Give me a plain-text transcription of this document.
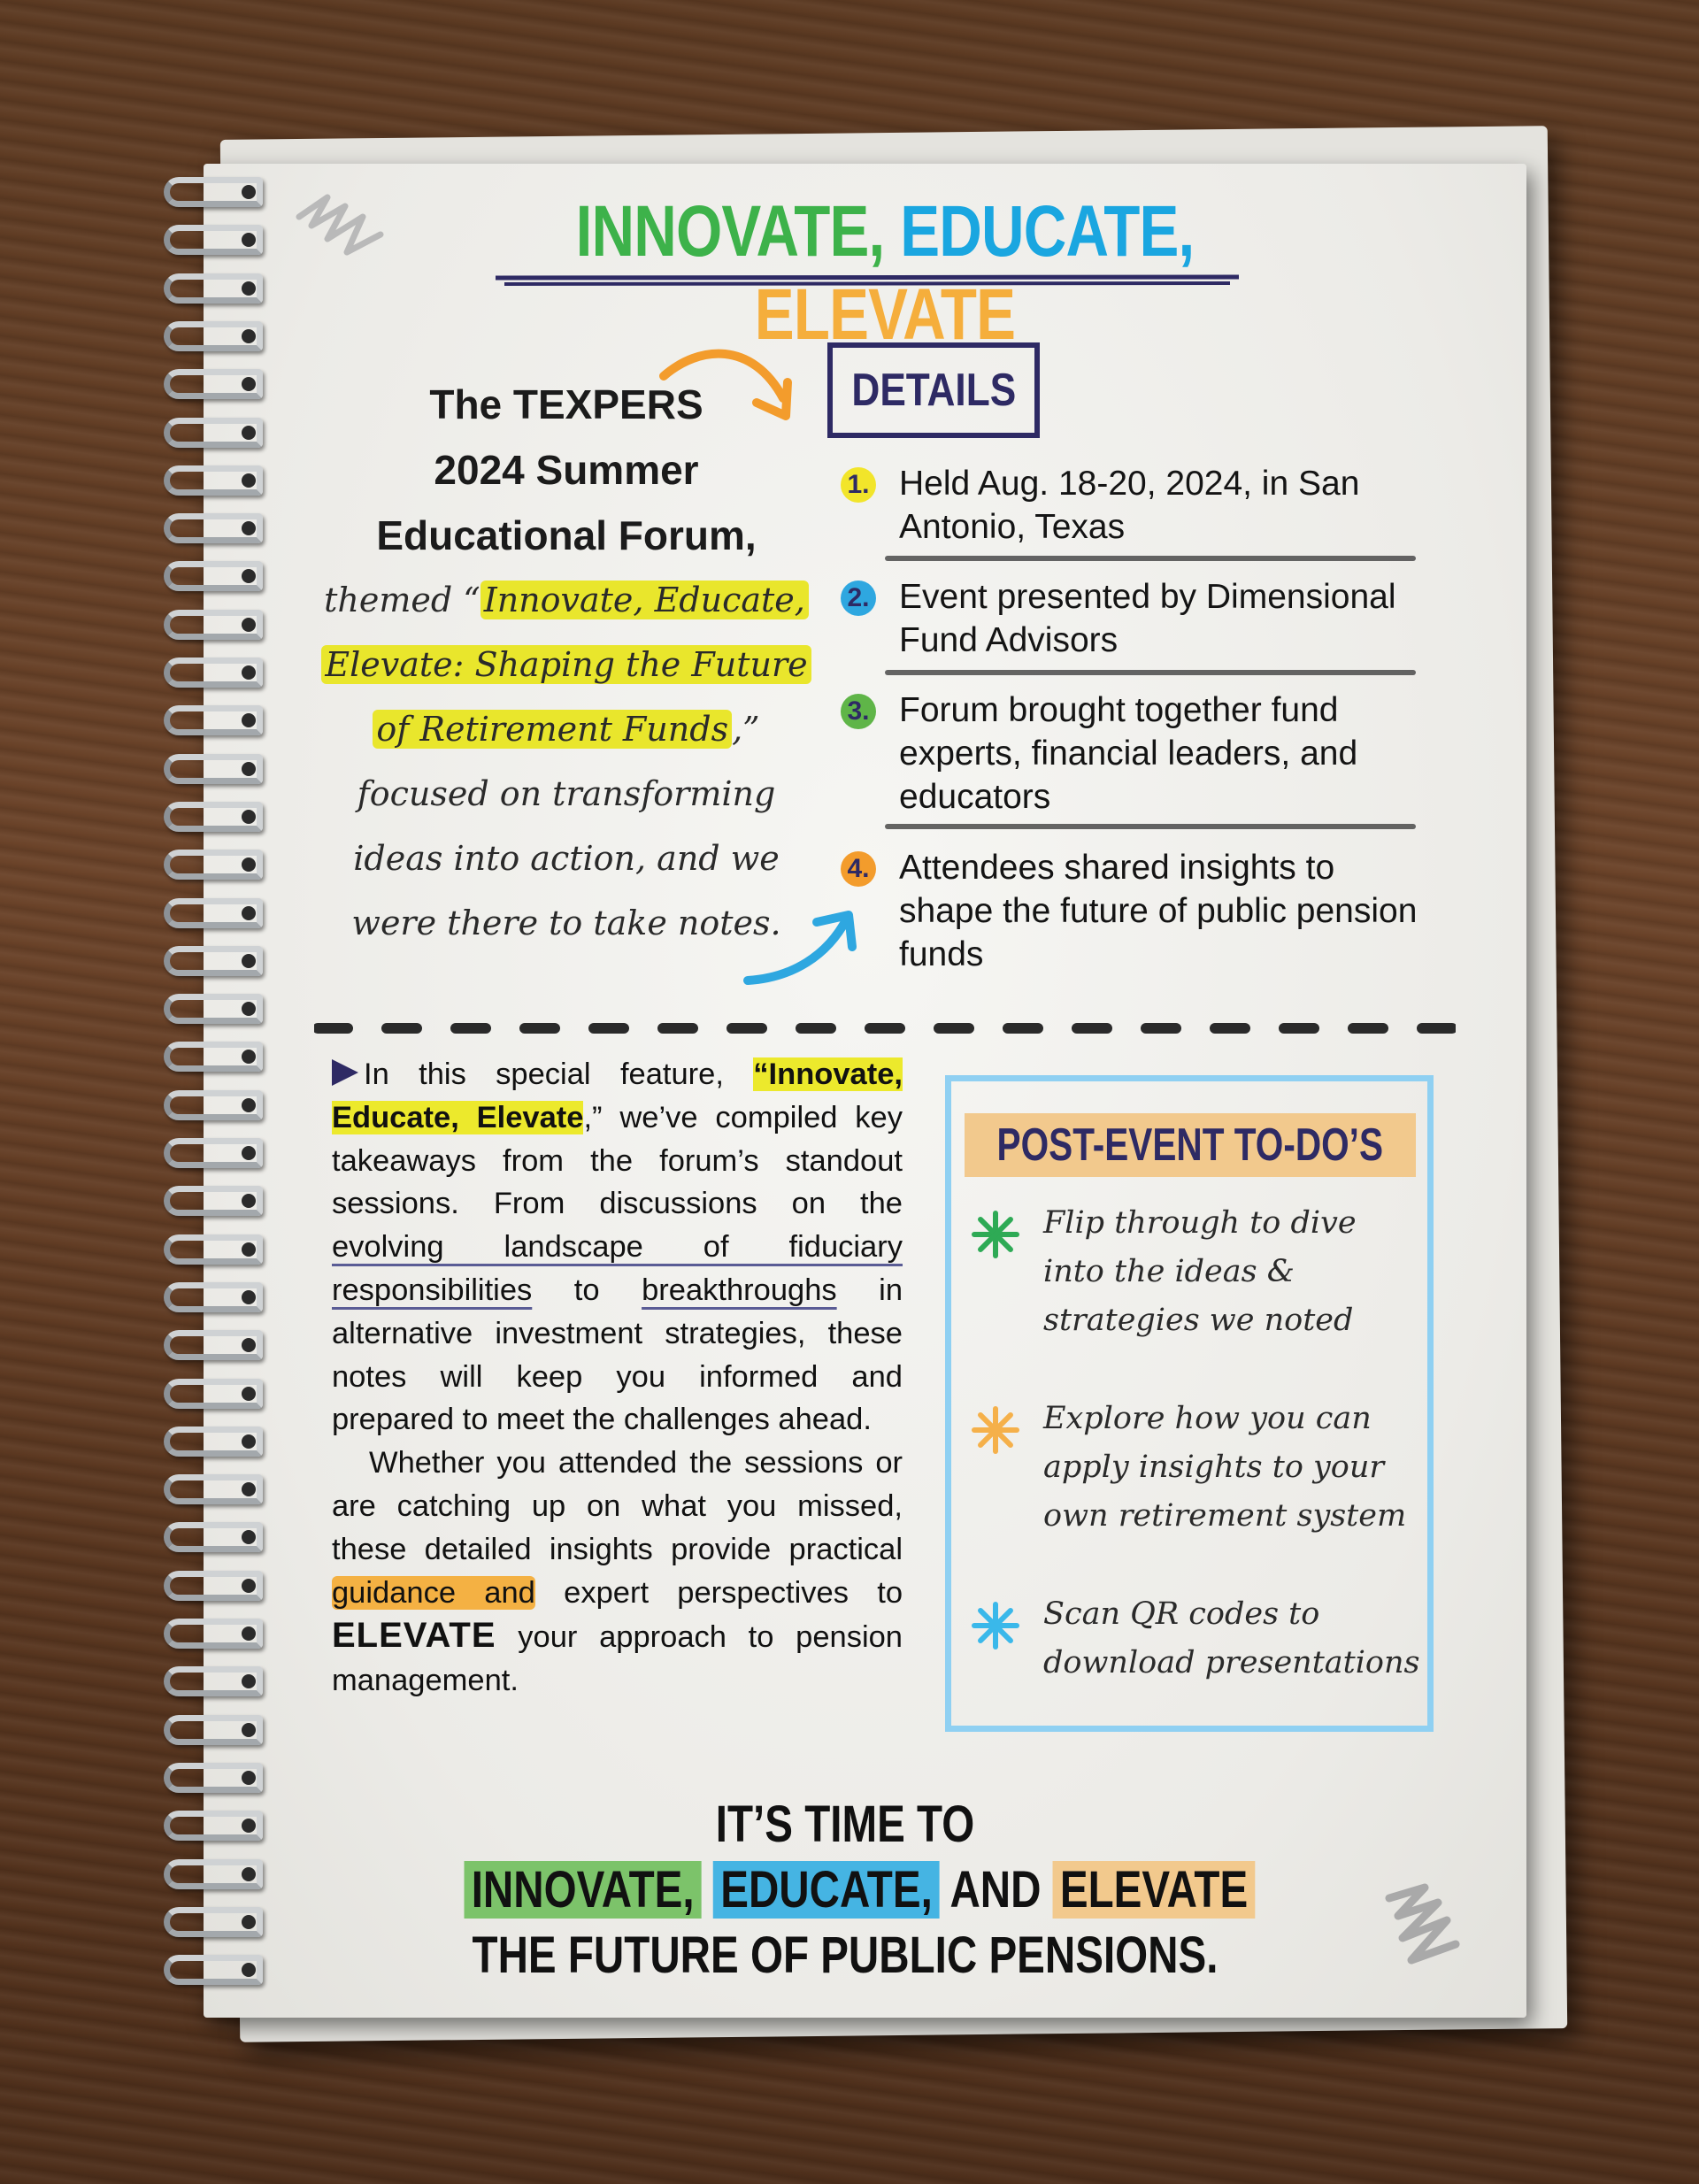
INNOVATE, EDUCATE, ELEVATE
The TEXPERS
2024 Summer
Educational Forum,
themed “ Innovate, Educate,
Elevate: Shaping the Future
of Retirement Funds ,”
focused on transforming
ideas into action, and we
were there to take notes.
DETAILS
1. Held Aug. 18-20, 2024, in San Antonio, Texas
2. Event presented by Dimensional Fund Advisors
3. Forum brought together fund experts, financial leaders, and educators
4. Attendees shared insights to shape the future of public pension funds

In this special feature, “Innovate, Educate, Elevate,” we’ve compiled key takeaways from the forum’s standout sessions. From discussions on the evolving landscape of fiduciary responsibilities to breakthroughs in alternative investment strategies, these notes will keep you informed and prepared to meet the challenges ahead.

Whether you attended the sessions or are catching up on what you missed, these detailed insights provide practical guidance and expert perspectives to ELEVATE your approach to pension management.

POST-EVENT TO-DO’S
Flip through to dive into the ideas & strategies we noted
Explore how you can apply insights to your own retirement system
Scan QR codes to download presentations
IT’S TIME TO
INNOVATE, EDUCATE, AND ELEVATE
THE FUTURE OF PUBLIC PENSIONS.
